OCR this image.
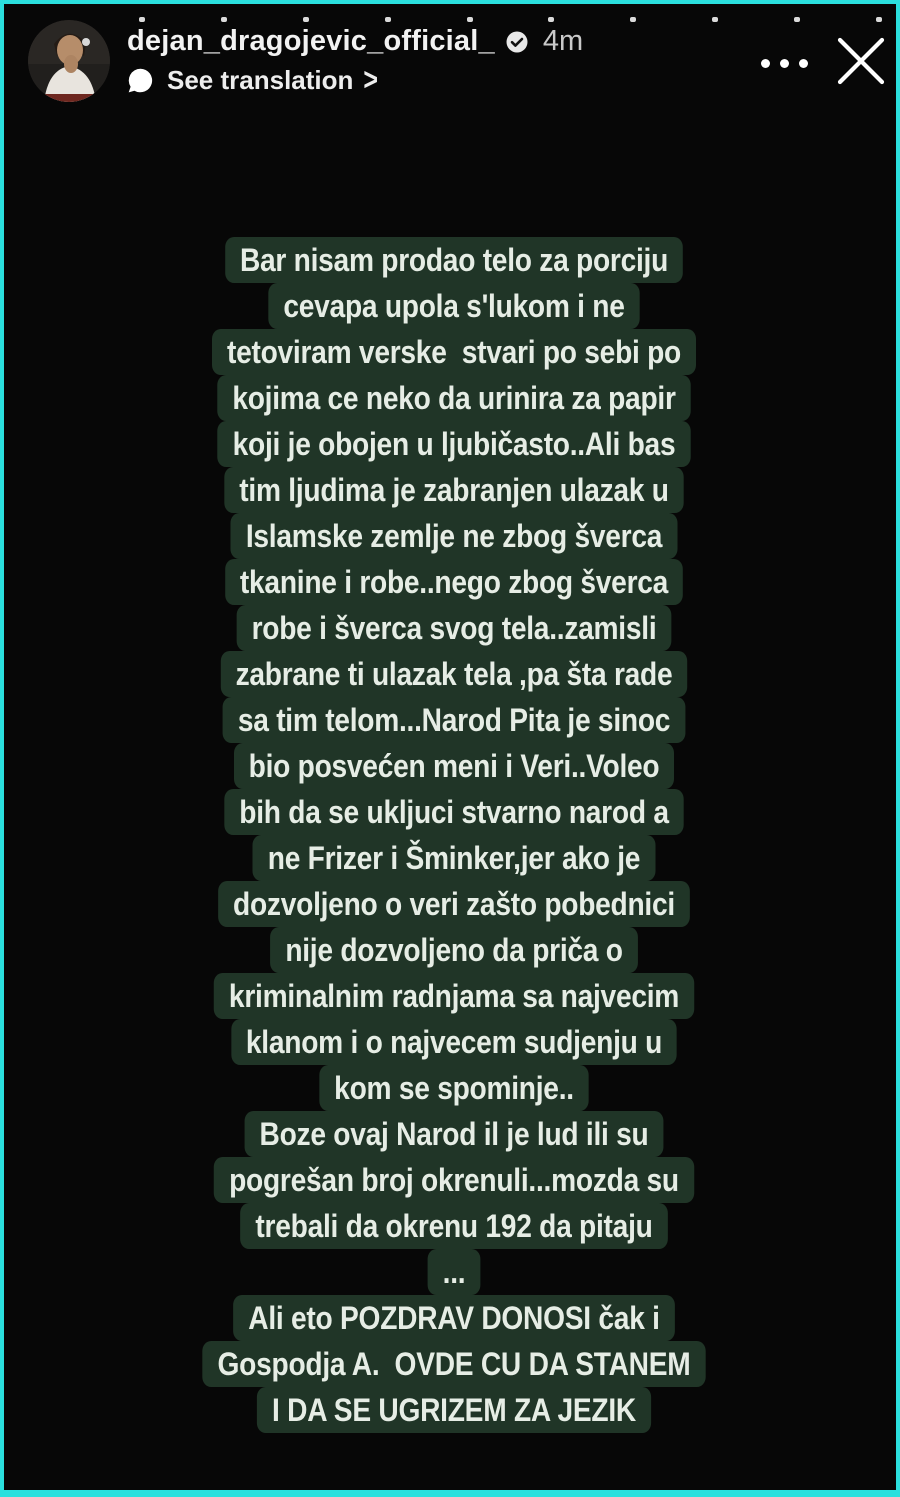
dejan_dragojevic_official_ 4m
See translation >
Bar nisam prodao telo za porciju
cevapa upola s'lukom i ne
tetoviram verske  stvari po sebi po
kojima ce neko da urinira za papir
koji je obojen u ljubičasto..Ali bas
tim ljudima je zabranjen ulazak u
Islamske zemlje ne zbog šverca
tkanine i robe..nego zbog šverca
robe i šverca svog tela..zamisli
zabrane ti ulazak tela ,pa šta rade
sa tim telom...Narod Pita je sinoc
bio posvećen meni i Veri..Voleo
bih da se ukljuci stvarno narod a
ne Frizer i Šminker,jer ako je
dozvoljeno o veri zašto pobednici
nije dozvoljeno da priča o
kriminalnim radnjama sa najvecim
klanom i o najvecem sudjenju u
kom se spominje..
Boze ovaj Narod il je lud ili su
pogrešan broj okrenuli...mozda su
trebali da okrenu 192 da pitaju
...
Ali eto POZDRAV DONOSI čak i
Gospodja A.  OVDE CU DA STANEM
I DA SE UGRIZEM ZA JEZIK
